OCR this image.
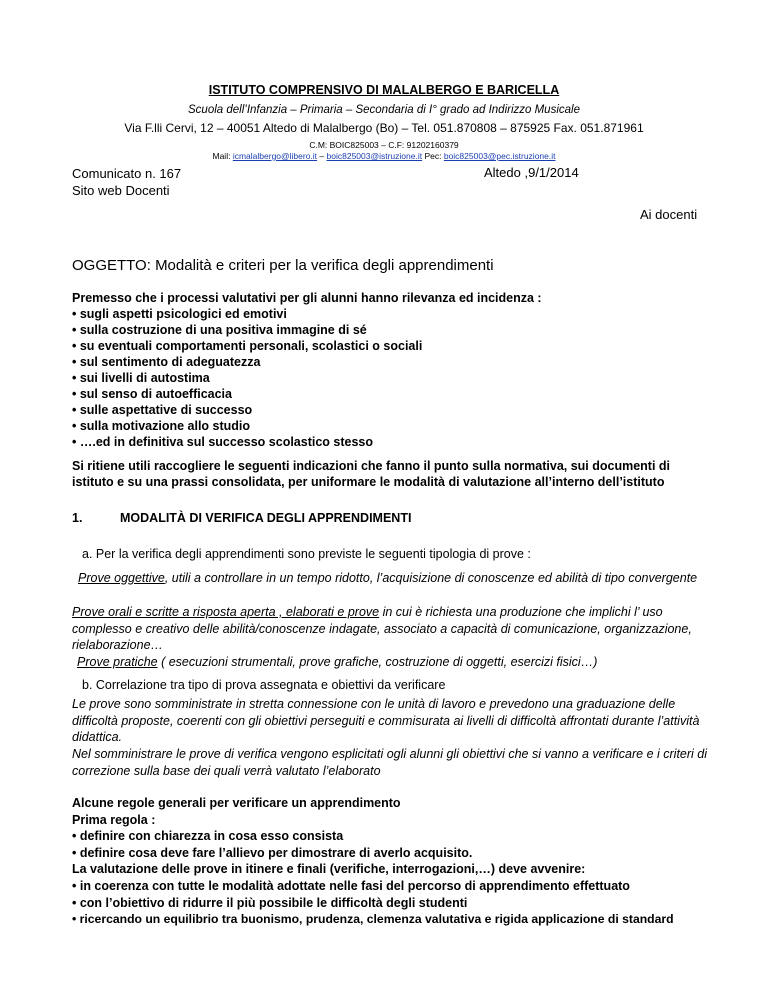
ISTITUTO COMPRENSIVO DI MALALBERGO E BARICELLA
Scuola dell’Infanzia – Primaria – Secondaria di I° grado ad Indirizzo Musicale
Via F.lli Cervi, 12 – 40051 Altedo di Malalbergo (Bo) – Tel. 051.870808 – 875925 Fax. 051.871961
C.M: BOIC825003 – C.F: 91202160379
Mail: icmalalbergo@libero.it – boic825003@istruzione.it Pec: boic825003@pec.istruzione.it
Comunicato n. 167
Sito web Docenti
Altedo ,9/1/2014
Ai docenti
OGGETTO: Modalità e criteri per la verifica degli apprendimenti

Premesso che i processi valutativi per gli alunni hanno rilevanza ed incidenza :

• sugli aspetti psicologici ed emotivi

• sulla costruzione di una positiva immagine di sé

• su eventuali comportamenti personali, scolastici o sociali

• sul sentimento di adeguatezza

• sui livelli di autostima

• sul senso di autoefficacia

• sulle aspettative di successo

• sulla motivazione allo studio

• ….ed in definitiva sul successo scolastico stesso

Si ritiene utili raccogliere le seguenti indicazioni che fanno il punto sulla normativa, sui documenti di istituto e su una prassi consolidata, per uniformare le modalità di valutazione all’interno dell’istituto
1.	MODALITÀ DI VERIFICA DEGLI APPRENDIMENTI
a. Per la verifica degli apprendimenti sono previste le seguenti tipologia di prove :
Prove oggettive, utili a controllare in un tempo ridotto, l’acquisizione di conoscenze ed abilità di tipo convergente
Prove orali e scritte a risposta aperta , elaborati e prove in cui è richiesta una produzione che implichi l’ uso complesso e creativo delle abilità/conoscenze indagate, associato a capacità di comunicazione, organizzazione, rielaborazione…
Prove pratiche ( esecuzioni strumentali, prove grafiche, costruzione di oggetti, esercizi fisici…)
b. Correlazione tra tipo di prova assegnata e obiettivi da verificare
Le prove sono somministrate in stretta connessione con le unità di lavoro e prevedono una graduazione delle difficoltà proposte, coerenti con gli obiettivi perseguiti e commisurata ai livelli di difficoltà affrontati durante l’attività didattica.
Nel somministrare le prove di verifica vengono esplicitati ogli alunni gli obiettivi che si vanno a verificare e i criteri di correzione sulla base dei quali verrà valutato l’elaborato

Alcune regole generali per verificare un apprendimento

Prima regola :

• definire con chiarezza in cosa esso consista

• definire cosa deve fare l’allievo per dimostrare di averlo acquisito.

La valutazione delle prove in itinere e finali (verifiche, interrogazioni,…) deve avvenire:

• in coerenza con tutte le modalità adottate nelle fasi del percorso di apprendimento effettuato

• con l’obiettivo di ridurre il più possibile le difficoltà degli studenti

• ricercando un equilibrio tra buonismo, prudenza, clemenza valutativa e rigida applicazione di standard
